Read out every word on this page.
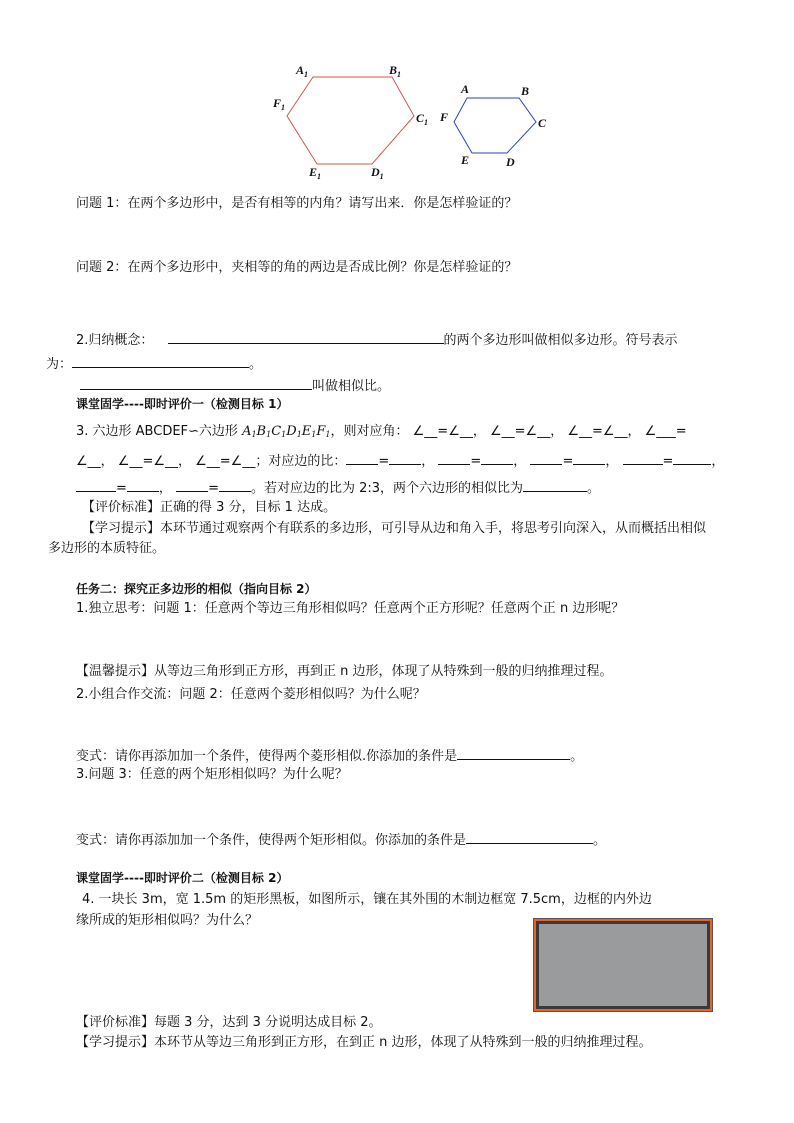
$A_1$	$B_1$
$C_1$
$D_1$
$E_1$
$F_1$
A	B
C
D
E
F
问题 1：在两个多边形中，是否有相等的内角？请写出来．你是怎样验证的？
问题 2：在两个多边形中，夹相等的角的两边是否成比例？你是怎样验证的？
2.归纳概念：	的两个多边形叫做相似多边形。符号表示
为：	。
叫做相似比。
课堂固学----即时评价一（检测目标 1）
3. 六边形 ABCDEF∽六边形 $A_1B_1C_1D_1E_1F_1$，则对应角： ∠__=∠__， ∠__=∠__， ∠__=∠__， ∠___=
∠__， ∠__=∠__， ∠__=∠__；对应边的比： = ，	= ，	= ，	=	，
= ，	= 。若对应边的比为 2:3，两个六边形的相似比为	。
【评价标准】正确的得 3 分，目标 1 达成。
【学习提示】本环节通过观察两个有联系的多边形，可引导从边和角入手，将思考引向深入，从而概括出相似
多边形的本质特征。
任务二：探究正多边形的相似（指向目标 2）
1.独立思考：问题 1：任意两个等边三角形相似吗？任意两个正方形呢？任意两个正 n 边形呢？
【温馨提示】从等边三角形到正方形，再到正 n 边形，体现了从特殊到一般的归纳推理过程。
2.小组合作交流：问题 2：任意两个菱形相似吗？为什么呢？
变式：请你再添加加一个条件，使得两个菱形相似.你添加的条件是	。
3.问题 3：任意的两个矩形相似吗？为什么呢？
变式：请你再添加加一个条件，使得两个矩形相似。你添加的条件是	。
课堂固学----即时评价二（检测目标 2）
4. 一块长 3m，宽 1.5m 的矩形黑板，如图所示，镶在其外围的木制边框宽 7.5cm，边框的内外边
缘所成的矩形相似吗？为什么？
【评价标准】每题 3 分，达到 3 分说明达成目标 2。
【学习提示】本环节从等边三角形到正方形，在到正 n 边形，体现了从特殊到一般的归纳推理过程。
